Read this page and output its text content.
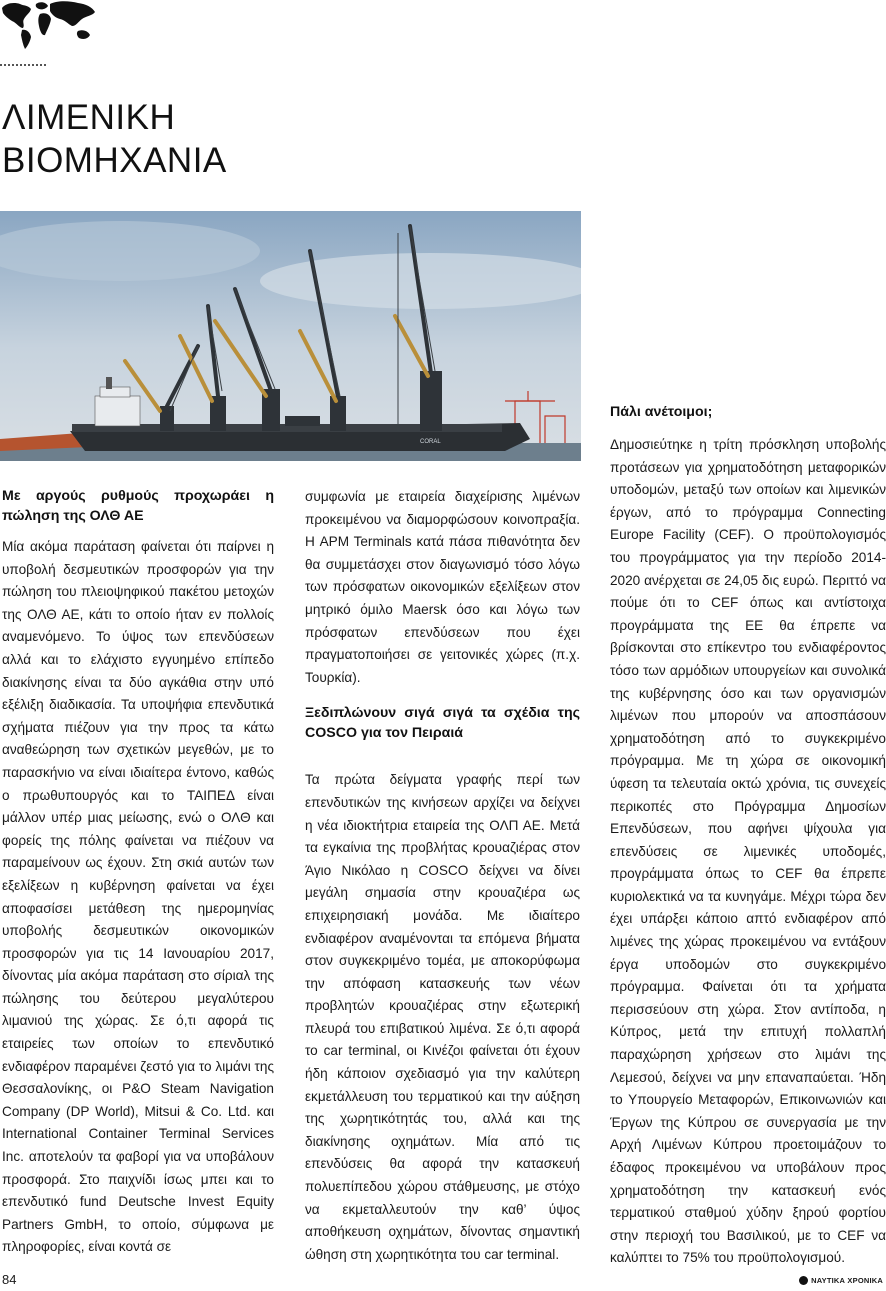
ΛΙΜΕΝΙΚΗ
ΒΙΟΜΗΧΑΝΙΑ
CORAL
Με αργούς ρυθμούς προχωράει η πώληση της ΟΛΘ ΑΕ

Μία ακόμα παράταση φαίνεται ότι παίρνει η υποβολή δεσμευτικών προσφορών για την πώληση του πλειοψηφικού πακέτου μετοχών της ΟΛΘ ΑΕ, κάτι το οποίο ήταν εν πολλοίς αναμενόμενο. Το ύψος των επενδύσεων αλλά και το ελάχιστο εγγυημένο επίπεδο διακίνησης είναι τα δύο αγκάθια στην υπό εξέλιξη διαδικασία. Τα υποψήφια επενδυτικά σχήματα πιέζουν για την προς τα κάτω αναθεώρηση των σχετικών μεγεθών, με το παρασκήνιο να είναι ιδιαίτερα έντονο, καθώς ο πρωθυπουργός και το ΤΑΙΠΕΔ είναι μάλλον υπέρ μιας μείωσης, ενώ ο ΟΛΘ και φορείς της πόλης φαίνεται να πιέζουν να παραμείνουν ως έχουν. Στη σκιά αυτών των εξελίξεων η κυβέρνηση φαίνεται να έχει αποφασίσει μετάθεση της ημερομηνίας υποβολής δεσμευτικών οικονομικών προσφορών για τις 14 Ιανουαρίου 2017, δίνοντας μία ακόμα παράταση στο σίριαλ της πώλησης του δεύτερου μεγαλύτερου λιμανιού της χώρας. Σε ό,τι αφορά τις εταιρείες των οποίων το επενδυτικό ενδιαφέρον παραμένει ζεστό για το λιμάνι της Θεσσαλονίκης, οι P&O Steam Navigation Company (DP World), Mitsui & Co. Ltd. και International Container Terminal Services Inc. αποτελούν τα φαβορί για να υποβάλουν προσφορά. Στο παιχνίδι ίσως μπει και το επενδυτικό fund Deutsche Invest Equity Partners GmbH, το οποίο, σύμφωνα με πληροφορίες, είναι κοντά σε

συμφωνία με εταιρεία διαχείρισης λιμένων προκειμένου να διαμορφώσουν κοινοπραξία. Η APM Terminals κατά πάσα πιθανότητα δεν θα συμμετάσχει στον διαγωνισμό τόσο λόγω των πρόσφατων οικονομικών εξελίξεων στον μητρικό όμιλο Maersk όσο και λόγω των πρόσφατων επενδύσεων που έχει πραγματοποιήσει σε γειτονικές χώρες (π.χ. Τουρκία).

Ξεδιπλώνουν σιγά σιγά τα σχέδια της COSCO για τον Πειραιά

Τα πρώτα δείγματα γραφής περί των επενδυτικών της κινήσεων αρχίζει να δείχνει η νέα ιδιοκτήτρια εταιρεία της ΟΛΠ ΑΕ. Μετά τα εγκαίνια της προβλήτας κρουαζιέρας στον Άγιο Νικόλαο η COSCO δείχνει να δίνει μεγάλη σημασία στην κρουαζιέρα ως επιχειρησιακή μονάδα. Με ιδιαίτερο ενδιαφέρον αναμένονται τα επόμενα βήματα στον συγκεκριμένο τομέα, με αποκορύφωμα την απόφαση κατασκευής των νέων προβλητών κρουαζιέρας στην εξωτερική πλευρά του επιβατικού λιμένα. Σε ό,τι αφορά το car terminal, οι Κινέζοι φαίνεται ότι έχουν ήδη κάποιον σχεδιασμό για την καλύτερη εκμετάλλευση του τερματικού και την αύξηση της χωρητικότητάς του, αλλά και της διακίνησης οχημάτων. Μία από τις επενδύσεις θα αφορά την κατασκευή πολυεπίπεδου χώρου στάθμευσης, με στόχο να εκμεταλλευτούν την καθ’ ύψος αποθήκευση οχημάτων, δίνοντας σημαντική ώθηση στη χωρητικότητα του car terminal.

Πάλι ανέτοιμοι;

Δημοσιεύτηκε η τρίτη πρόσκληση υποβολής προτάσεων για χρηματοδότηση μεταφορικών υποδομών, μεταξύ των οποίων και λιμενικών έργων, από το πρόγραμμα Connecting Europe Facility (CEF). Ο προϋπολογισμός του προγράμματος για την περίοδο 2014-2020 ανέρχεται σε 24,05 δις ευρώ. Περιττό να πούμε ότι το CEF όπως και αντίστοιχα προγράμματα της ΕΕ θα έπρεπε να βρίσκονται στο επίκεντρο του ενδιαφέροντος τόσο των αρμόδιων υπουργείων και συνολικά της κυβέρνησης όσο και των οργανισμών λιμένων που μπορούν να αποσπάσουν χρηματοδότηση από το συγκεκριμένο πρόγραμμα. Με τη χώρα σε οικονομική ύφεση τα τελευταία οκτώ χρόνια, τις συνεχείς περικοπές στο Πρόγραμμα Δημοσίων Επενδύσεων, που αφήνει ψίχουλα για επενδύσεις σε λιμενικές υποδομές, προγράμματα όπως το CEF θα έπρεπε κυριολεκτικά να τα κυνηγάμε. Μέχρι τώρα δεν έχει υπάρξει κάποιο απτό ενδιαφέρον από λιμένες της χώρας προκειμένου να εντάξουν έργα υποδομών στο συγκεκριμένο πρόγραμμα. Φαίνεται ότι τα χρήματα περισσεύουν στη χώρα. Στον αντίποδα, η Κύπρος, μετά την επιτυχή πολλαπλή παραχώρηση χρήσεων στο λιμάνι της Λεμεσού, δείχνει να μην επαναπαύεται. Ήδη το Υπουργείο Μεταφορών, Επικοινωνιών και Έργων της Κύπρου σε συνεργασία με την Αρχή Λιμένων Κύπρου προετοιμάζουν το έδαφος προκειμένου να υποβάλουν προς χρηματοδότηση την κατασκευή ενός τερματικού σταθμού χύδην ξηρού φορτίου στην περιοχή του Βασιλικού, με το CEF να καλύπτει το 75% του προϋπολογισμού.

84	ΝΑΥΤΙΚΑ ΧΡΟΝΙΚΑ
